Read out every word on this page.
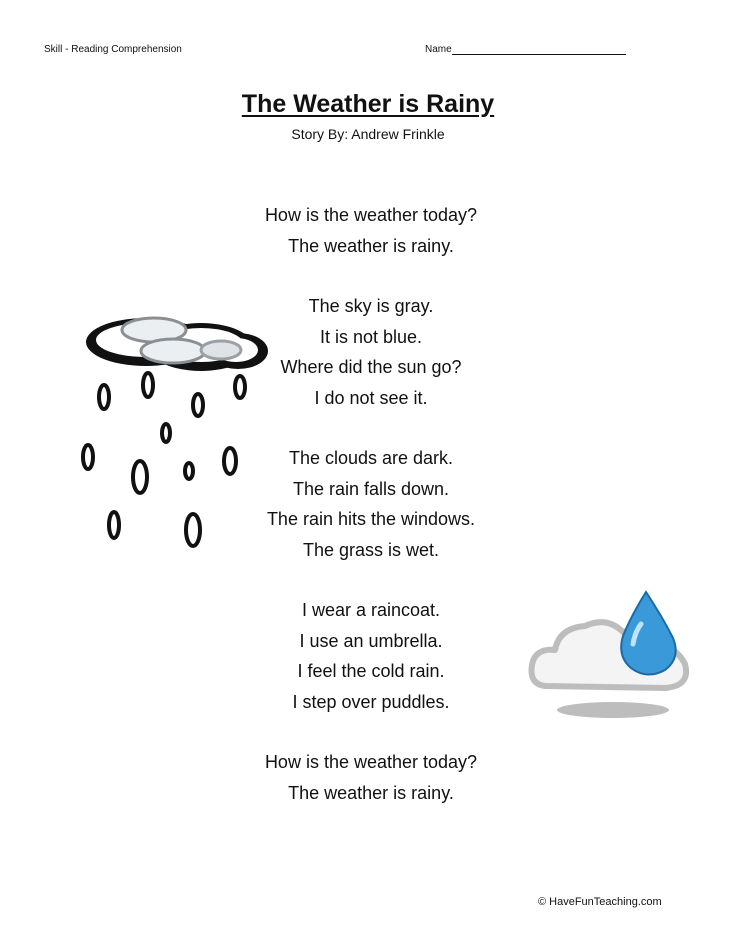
Skill - Reading Comprehension	Name
The Weather is Rainy
Story By: Andrew Frinkle
How is the weather today?
The weather is rainy.
The sky is gray.
It is not blue.
Where did the sun go?
I do not see it.
The clouds are dark.
The rain falls down.
The rain hits the windows.
The grass is wet.
I wear a raincoat.
I use an umbrella.
I feel the cold rain.
I step over puddles.
How is the weather today?
The weather is rainy.
© HaveFunTeaching.com
